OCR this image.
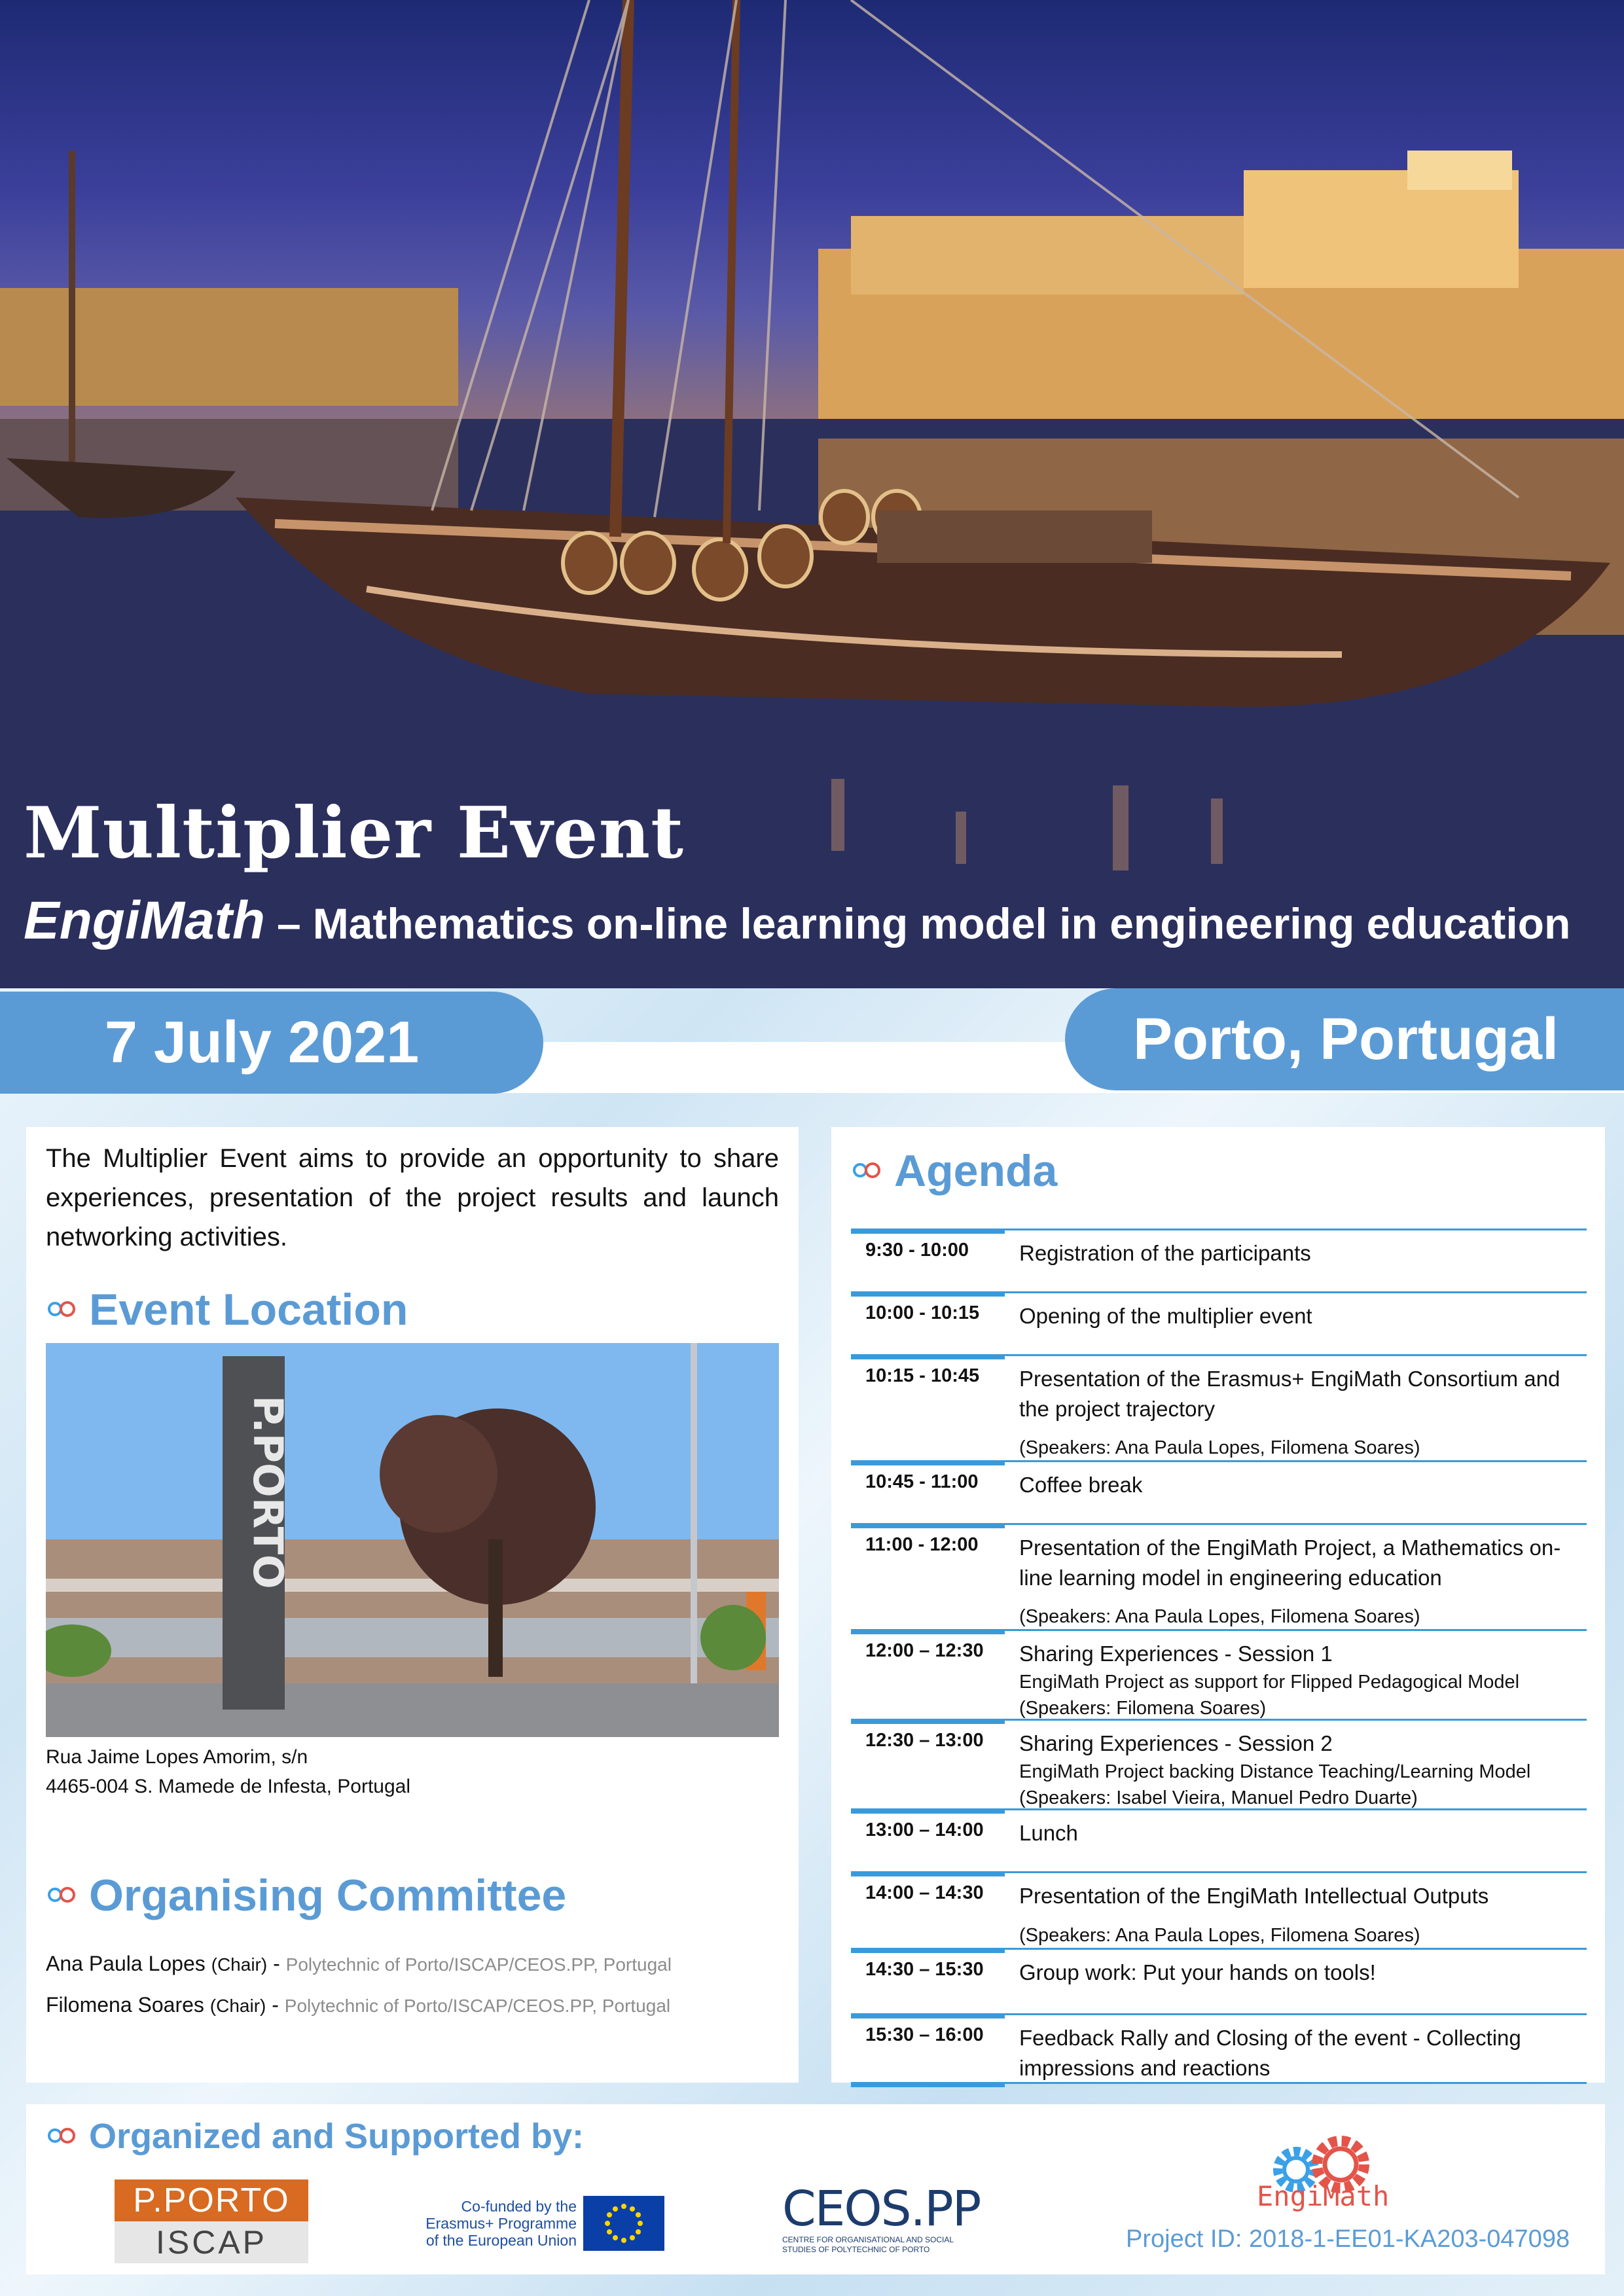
Multiplier Event
EngiMath – Mathematics on-line learning model in engineering education
7 July 2021	Porto, Portugal
The Multiplier Event aims to provide an opportunity to share experiences, presentation of the project results and launch networking activities.
Event Location
P.PORTO
Rua Jaime Lopes Amorim, s/n
4465-004 S. Mamede de Infesta, Portugal
Organising Committee
Ana Paula Lopes (Chair) - Polytechnic of Porto/ISCAP/CEOS.PP, Portugal
Filomena Soares (Chair) - Polytechnic of Porto/ISCAP/CEOS.PP, Portugal
Agenda
9:30 - 10:00 Registration of the participants
10:00 - 10:15 Opening of the multiplier event
10:15 - 10:45 Presentation of the Erasmus+ EngiMath Consortium and the project trajectory
(Speakers: Ana Paula Lopes, Filomena Soares)
10:45 - 11:00 Coffee break
11:00 - 12:00 Presentation of the EngiMath Project, a Mathematics on-line learning model in engineering education
(Speakers: Ana Paula Lopes, Filomena Soares)
12:00 – 12:30 Sharing Experiences - Session 1
EngiMath Project as support for Flipped Pedagogical Model (Speakers: Filomena Soares)
12:30 – 13:00 Sharing Experiences - Session 2
EngiMath Project backing Distance Teaching/Learning Model (Speakers: Isabel Vieira, Manuel Pedro Duarte)
13:00 – 14:00 Lunch
14:00 – 14:30 Presentation of the EngiMath Intellectual Outputs
(Speakers: Ana Paula Lopes, Filomena Soares)
14:30 – 15:30 Group work: Put your hands on tools!
15:30 – 16:00 Feedback Rally and Closing of the event - Collecting impressions and reactions
Organized and Supported by:
P.PORTO
ISCAP
Co-funded by the Erasmus+ Programme of the European Union
CEOS.PP
CENTRE FOR ORGANISATIONAL AND SOCIAL STUDIES OF POLYTECHNIC OF PORTO
EngiMath
Project ID: 2018-1-EE01-KA203-047098
